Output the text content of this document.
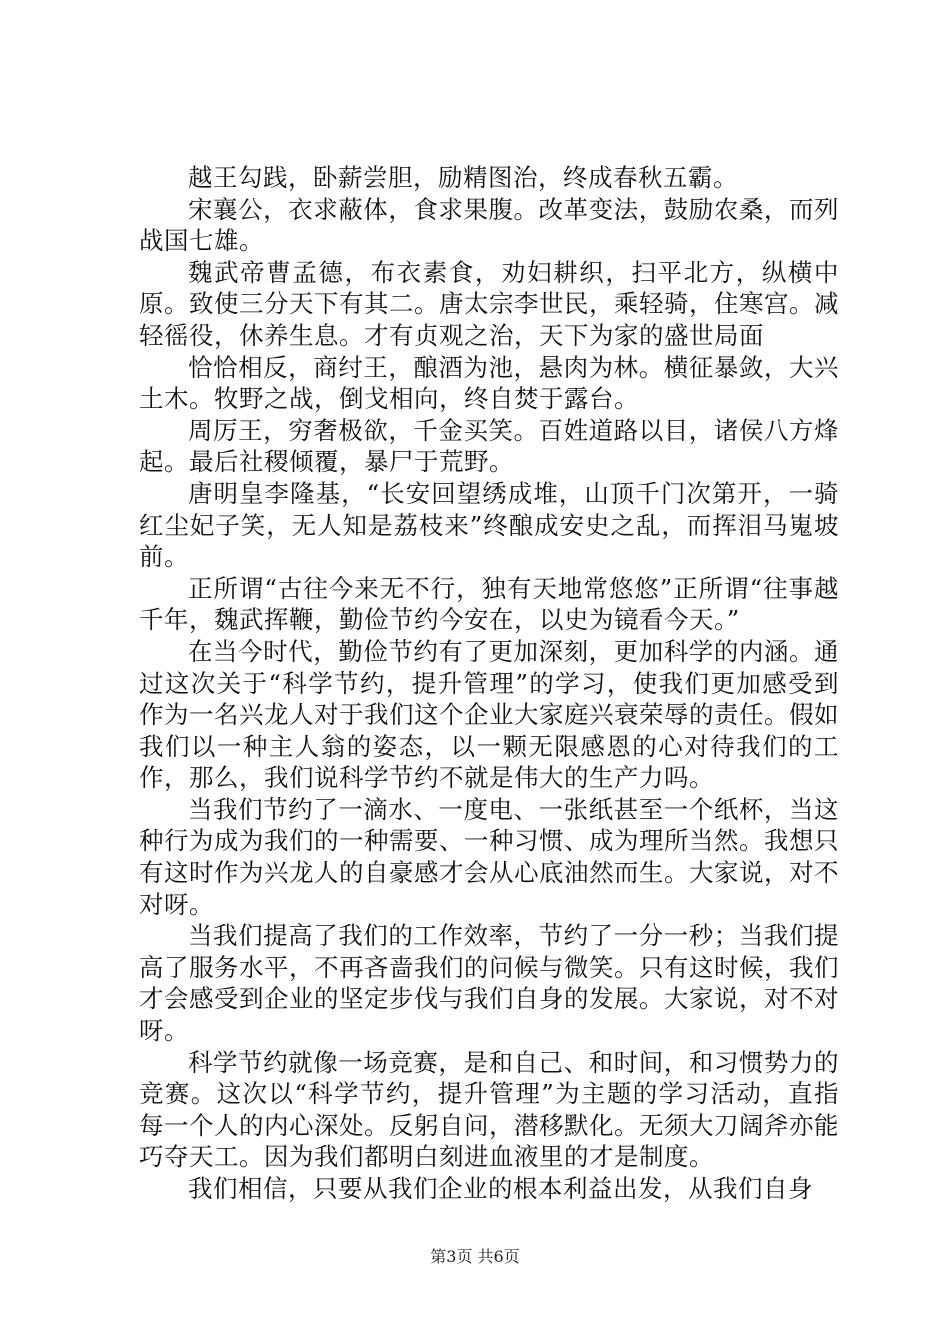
越王勾践，卧薪尝胆，励精图治，终成春秋五霸。

宋襄公，衣求蔽体，食求果腹。改革变法，鼓励农桑，而列战国七雄。

魏武帝曹孟德，布衣素食，劝妇耕织，扫平北方，纵横中原。致使三分天下有其二。唐太宗李世民，乘轻骑，住寒宫。减轻徭役，休养生息。才有贞观之治，天下为家的盛世局面

恰恰相反，商纣王，酿酒为池，悬肉为林。横征暴敛，大兴土木。牧野之战，倒戈相向，终自焚于露台。

周厉王，穷奢极欲，千金买笑。百姓道路以目，诸侯八方烽起。最后社稷倾覆，暴尸于荒野。

唐明皇李隆基，“长安回望绣成堆，山顶千门次第开，一骑红尘妃子笑，无人知是荔枝来”终酿成安史之乱，而挥泪马嵬坡前。

正所谓“古往今来无不行，独有天地常悠悠”正所谓“往事越千年，魏武挥鞭，勤俭节约今安在，以史为镜看今天。”

在当今时代，勤俭节约有了更加深刻，更加科学的内涵。通过这次关于“科学节约，提升管理”的学习，使我们更加感受到作为一名兴龙人对于我们这个企业大家庭兴衰荣辱的责任。假如我们以一种主人翁的姿态，以一颗无限感恩的心对待我们的工作，那么，我们说科学节约不就是伟大的生产力吗。

当我们节约了一滴水、一度电、一张纸甚至一个纸杯，当这种行为成为我们的一种需要、一种习惯、成为理所当然。我想只有这时作为兴龙人的自豪感才会从心底油然而生。大家说，对不对呀。

当我们提高了我们的工作效率，节约了一分一秒；当我们提高了服务水平，不再吝啬我们的问候与微笑。只有这时候，我们才会感受到企业的坚定步伐与我们自身的发展。大家说，对不对呀。

科学节约就像一场竞赛，是和自己、和时间，和习惯势力的竞赛。这次以“科学节约，提升管理”为主题的学习活动，直指每一个人的内心深处。反躬自问，潜移默化。无须大刀阔斧亦能巧夺天工。因为我们都明白刻进血液里的才是制度。

我们相信，只要从我们企业的根本利益出发，从我们自身

第3页 共6页
